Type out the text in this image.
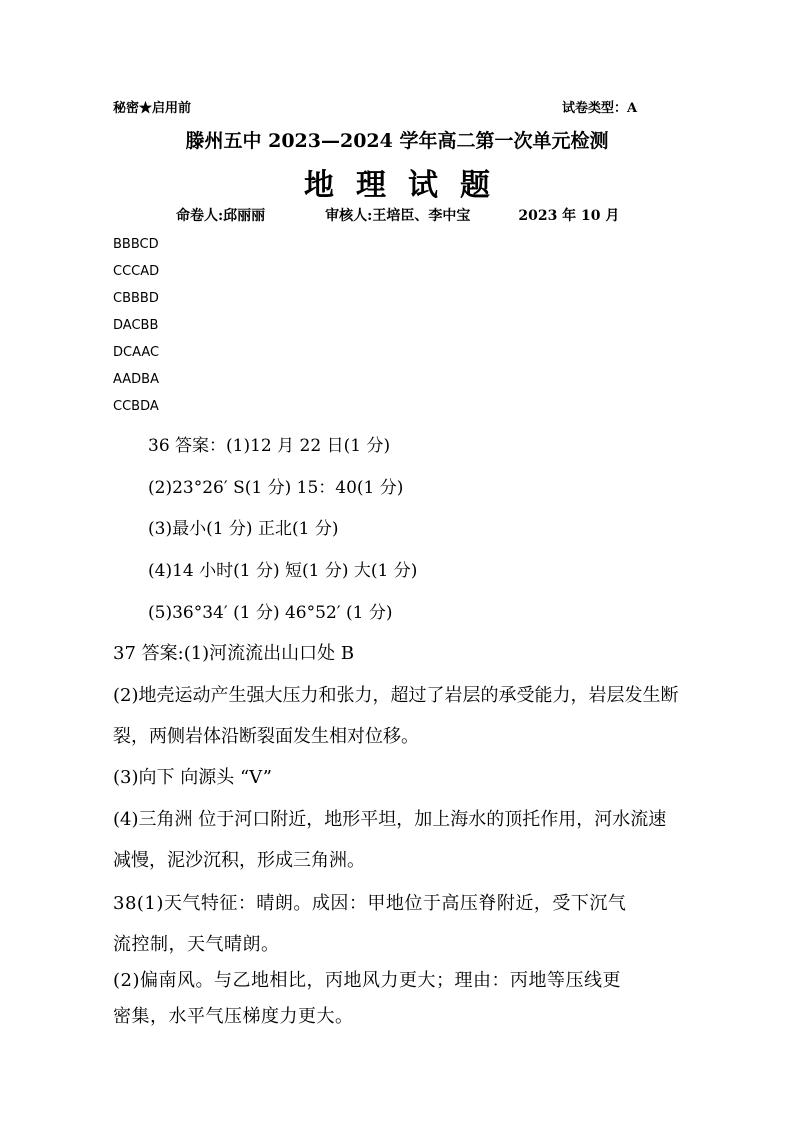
秘密★启用前	试卷类型：A
滕州五中 2023—2024 学年高二第一次单元检测
地理试题
命卷人:邱丽丽	审核人:王培臣、李中宝	2023 年 10 月
BBBCD
CCCAD
CBBBD
DACBB
DCAAC
AADBA
CCBDA
36 答案：(1)12 月 22 日(1 分)
(2)23°26′ S(1 分) 15：40(1 分)
(3)最小(1 分) 正北(1 分)
(4)14 小时(1 分) 短(1 分) 大(1 分)
(5)36°34′ (1 分) 46°52′ (1 分)
37 答案:(1)河流流出山口处 B
(2)地壳运动产生强大压力和张力，超过了岩层的承受能力，岩层发生断
裂，两侧岩体沿断裂面发生相对位移。
(3)向下 向源头 “V”
(4)三角洲 位于河口附近，地形平坦，加上海水的顶托作用，河水流速
减慢，泥沙沉积，形成三角洲。
38(1)天气特征：晴朗。成因：甲地位于高压脊附近，受下沉气
流控制，天气晴朗。
(2)偏南风。与乙地相比，丙地风力更大；理由：丙地等压线更
密集，水平气压梯度力更大。
